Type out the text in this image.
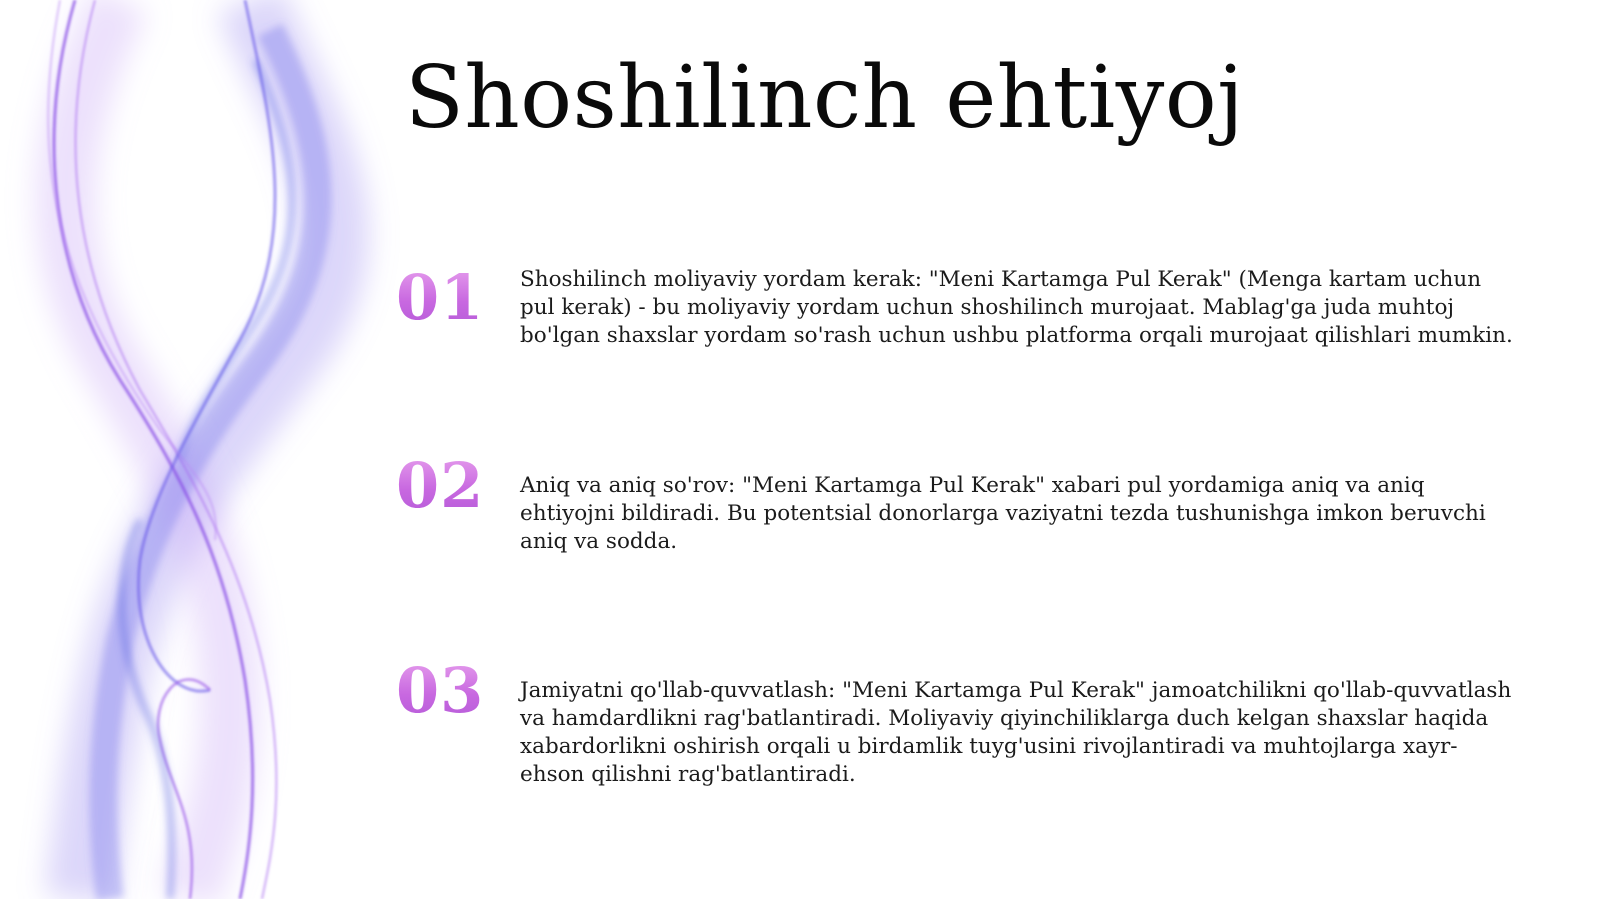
Shoshilinch ehtiyoj
01 Shoshilinch moliyaviy yordam kerak: "Meni Kartamga Pul Kerak" (Menga kartam uchun pul kerak) - bu moliyaviy yordam uchun shoshilinch murojaat. Mablag'ga juda muhtoj bo'lgan shaxslar yordam so'rash uchun ushbu platforma orqali murojaat qilishlari mumkin.
02 Aniq va aniq so'rov: "Meni Kartamga Pul Kerak" xabari pul yordamiga aniq va aniq ehtiyojni bildiradi. Bu potentsial donorlarga vaziyatni tezda tushunishga imkon beruvchi aniq va sodda.
03 Jamiyatni qo'llab-quvvatlash: "Meni Kartamga Pul Kerak" jamoatchilikni qo'llab-quvvatlash va hamdardlikni rag'batlantiradi. Moliyaviy qiyinchiliklarga duch kelgan shaxslar haqida xabardorlikni oshirish orqali u birdamlik tuyg'usini rivojlantiradi va muhtojlarga xayr-ehson qilishni rag'batlantiradi.
